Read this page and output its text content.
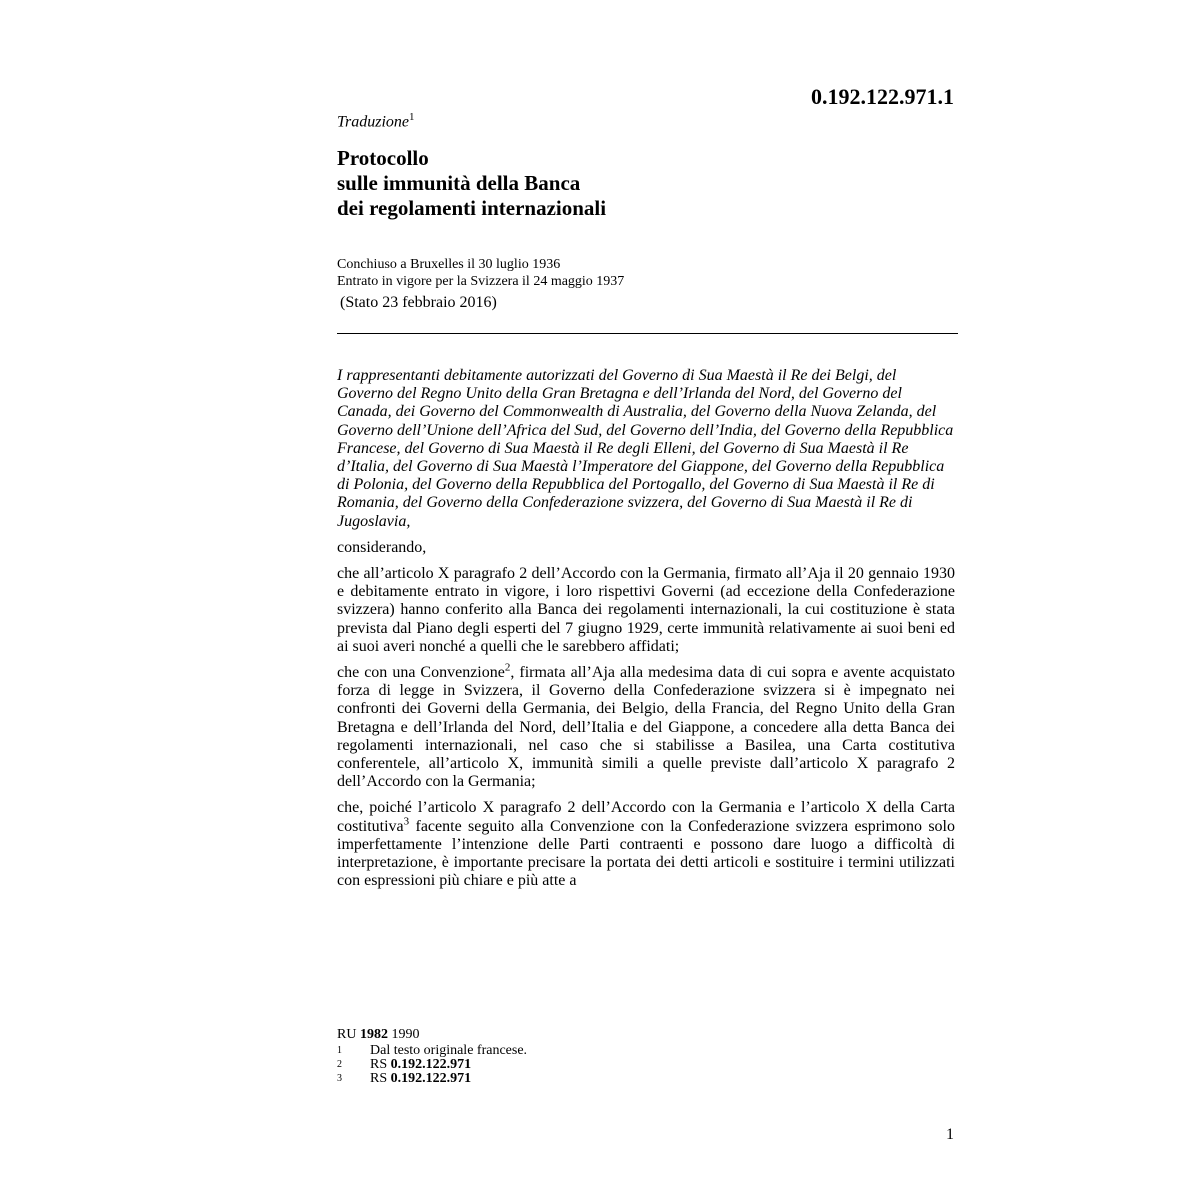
0.192.122.971.1
Traduzione$^1$
Protocollo
sulle immunità della Banca
dei regolamenti internazionali
Conchiuso a Bruxelles il 30 luglio 1936
Entrato in vigore per la Svizzera il 24 maggio 1937
(Stato 23 febbraio 2016)

I rappresentanti debitamente autorizzati del Governo di Sua Maestà il Re dei Belgi, del Governo del Regno Unito della Gran Bretagna e dell’Irlanda del Nord, del Governo del Canada, dei Governo del Commonwealth di Australia, del Governo della Nuova Zelanda, del Governo dell’Unione dell’Africa del Sud, del Governo dell’India, del Governo della Repubblica Francese, del Governo di Sua Maestà il Re degli Elleni, del Governo di Sua Maestà il Re d’Italia, del Governo di Sua Maestà l’Imperatore del Giappone, del Governo della Repubblica di Polonia, del Governo della Repubblica del Portogallo, del Governo di Sua Maestà il Re di Romania, del Governo della Confederazione svizzera, del Governo di Sua Maestà il Re di Jugoslavia,

considerando,

che all’articolo X paragrafo 2 dell’Accordo con la Germania, firmato all’Aja il 20 gennaio 1930 e debitamente entrato in vigore, i loro rispettivi Governi (ad eccezione della Confederazione svizzera) hanno conferito alla Banca dei regolamenti internazionali, la cui costituzione è stata prevista dal Piano degli esperti del 7 giugno 1929, certe immunità relativamente ai suoi beni ed ai suoi averi nonché a quelli che le sarebbero affidati;

che con una Convenzione$^2$, firmata all’Aja alla medesima data di cui sopra e avente acquistato forza di legge in Svizzera, il Governo della Confederazione svizzera si è impegnato nei confronti dei Governi della Germania, dei Belgio, della Francia, del Regno Unito della Gran Bretagna e dell’Irlanda del Nord, dell’Italia e del Giappone, a concedere alla detta Banca dei regolamenti internazionali, nel caso che si stabilisse a Basilea, una Carta costitutiva conferentele, all’articolo X, immunità simili a quelle previste dall’articolo X paragrafo 2 dell’Accordo con la Germania;

che, poiché l’articolo X paragrafo 2 dell’Accordo con la Germania e l’articolo X della Carta costitutiva$^3$ facente seguito alla Convenzione con la Confederazione svizzera esprimono solo imperfettamente l’intenzione delle Parti contraenti e possono dare luogo a difficoltà di interpretazione, è importante precisare la portata dei detti articoli e sostituire i termini utilizzati con espressioni più chiare e più atte a

RU 1982 1990
1	Dal testo originale francese.
2	RS 0.192.122.971
3	RS 0.192.122.971
1
